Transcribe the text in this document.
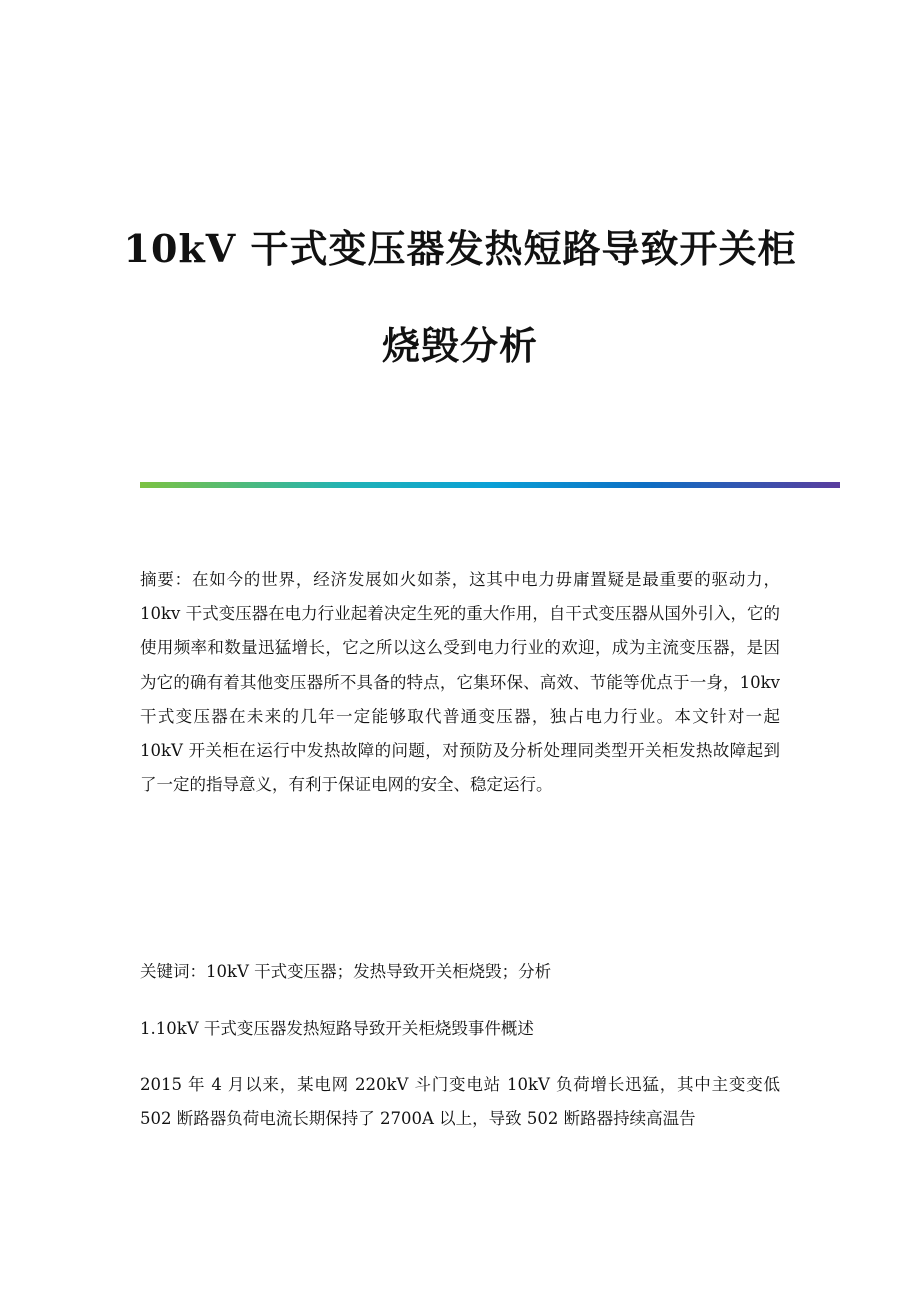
10kV 干式变压器发热短路导致开关柜
烧毁分析

摘要：在如今的世界，经济发展如火如荼，这其中电力毋庸置疑是最重要的驱动力，10kv 干式变压器在电力行业起着决定生死的重大作用，自干式变压器从国外引入，它的使用频率和数量迅猛增长，它之所以这么受到电力行业的欢迎，成为主流变压器，是因为它的确有着其他变压器所不具备的特点，它集环保、高效、节能等优点于一身，10kv 干式变压器在未来的几年一定能够取代普通变压器，独占电力行业。本文针对一起 10kV 开关柜在运行中发热故障的问题，对预防及分析处理同类型开关柜发热故障起到了一定的指导意义，有利于保证电网的安全、稳定运行。

关键词：10kV 干式变压器；发热导致开关柜烧毁；分析

1.10kV 干式变压器发热短路导致开关柜烧毁事件概述

2015 年 4 月以来，某电网 220kV 斗门变电站 10kV 负荷增长迅猛，其中主变变低 502 断路器负荷电流长期保持了 2700A 以上，导致 502 断路器持续高温告
